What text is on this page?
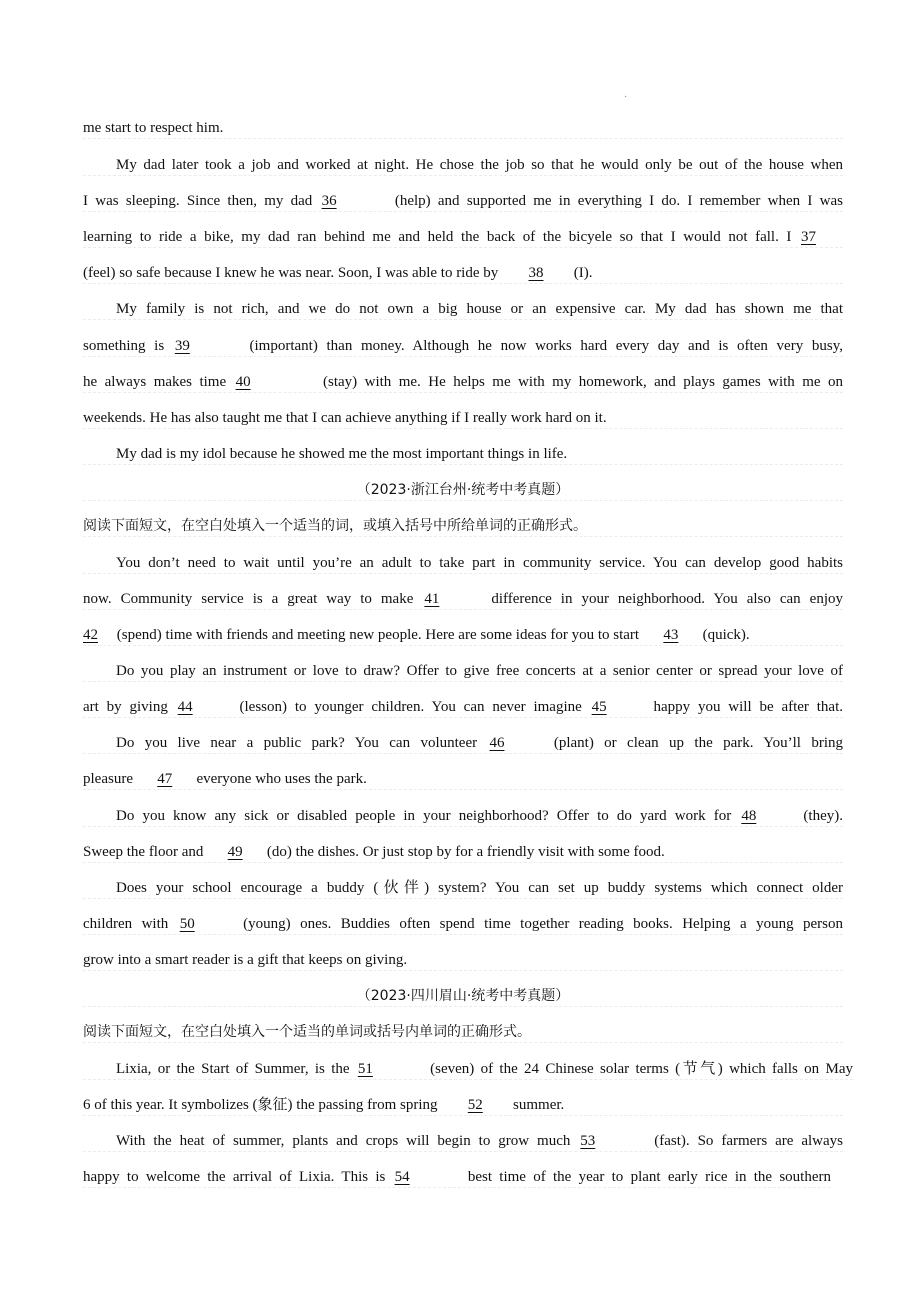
·
me start to respect him.
My dad later took a job and worked at night. He chose the job so that he would only be out of the house when
I was sleeping. Since then, my dad 36	(help) and supported me in everything I do. I remember when I was
learning to ride a bike, my dad ran behind me and held the back of the bicyele so that I would not fall. I 37
(feel) so safe because I knew he was near. Soon, I was able to ride by 38 (I).
My family is not rich, and we do not own a big house or an expensive car. My dad has shown me that
something is 39	(important) than money. Although he now works hard every day and is often very busy,
he always makes time 40	(stay) with me. He helps me with my homework, and plays games with me on
weekends. He has also taught me that I can achieve anything if I really work hard on it.
My dad is my idol because he showed me the most important things in life.
（2023·浙江台州·统考中考真题）
阅读下面短文，在空白处填入一个适当的词，或填入括号中所给单词的正确形式。
You don’t need to wait until you’re an adult to take part in community service. You can develop good habits
now. Community service is a great way to make 41	difference in your neighborhood. You also can enjoy
42 (spend) time with friends and meeting new people. Here are some ideas for you to start 43 (quick).
Do you play an instrument or love to draw? Offer to give free concerts at a senior center or spread your love of
art by giving 44	(lesson) to younger children. You can never imagine 45	happy you will be after that.
Do you live near a public park? You can volunteer 46	(plant) or clean up the park. You’ll bring
pleasure 47 everyone who uses the park.
Do you know any sick or disabled people in your neighborhood? Offer to do yard work for 48	(they).
Sweep the floor and 49 (do) the dishes. Or just stop by for a friendly visit with some food.
Does your school encourage a buddy (伙伴) system? You can set up buddy systems which connect older
children with 50	(young) ones. Buddies often spend time together reading books. Helping a young person
grow into a smart reader is a gift that keeps on giving.
（2023·四川眉山·统考中考真题）
阅读下面短文，在空白处填入一个适当的单词或括号内单词的正确形式。
Lixia, or the Start of Summer, is the 51	(seven) of the 24 Chinese solar terms (节气) which falls on May
6 of this year. It symbolizes (象征) the passing from spring 52 summer.
With the heat of summer, plants and crops will begin to grow much 53	(fast). So farmers are always
happy to welcome the arrival of Lixia. This is 54	best time of the year to plant early rice in the southern
